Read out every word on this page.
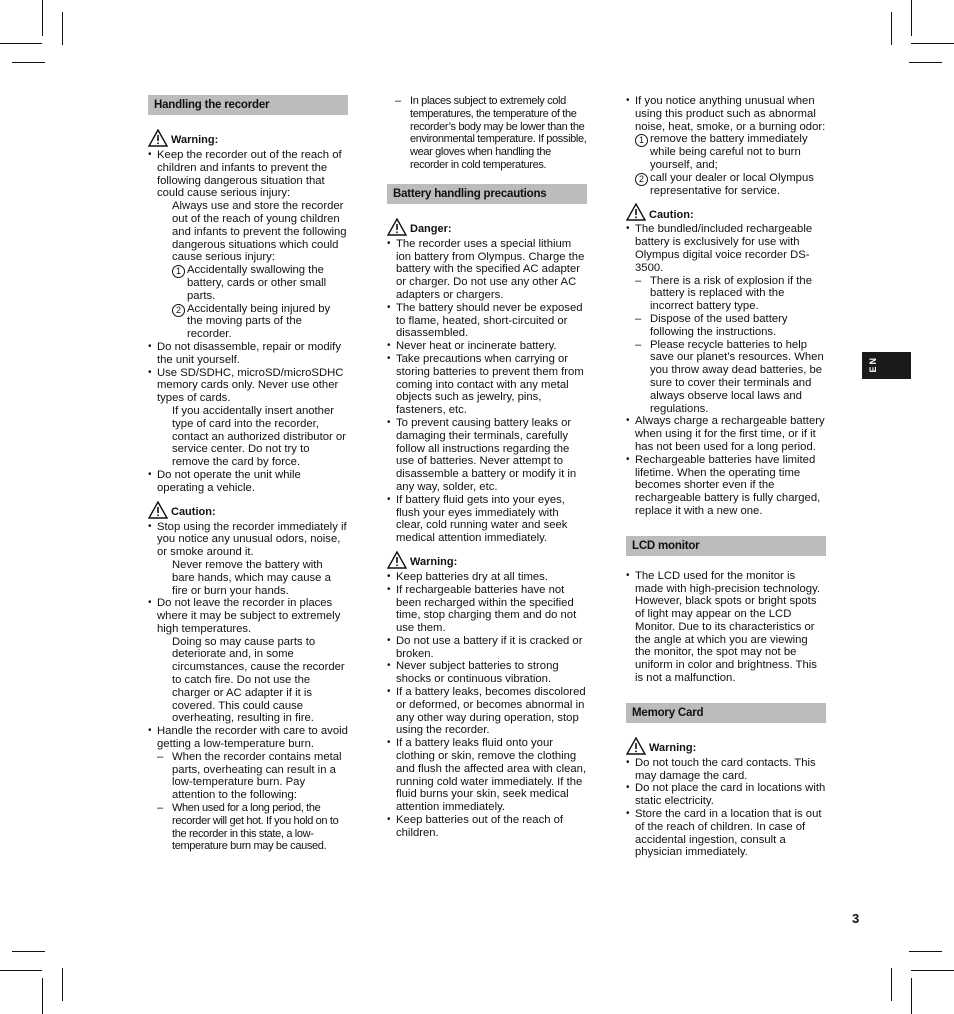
Handling the recorder
Warning:
• Keep the recorder out of the reach of children and infants to prevent the following dangerous situation that could cause serious injury:
Always use and store the recorder out of the reach of young children and infants to prevent the following dangerous situations which could cause serious injury:
1 Accidentally swallowing the battery, cards or other small parts.
2 Accidentally being injured by the moving parts of the recorder.
• Do not disassemble, repair or modify the unit yourself.
• Use SD/SDHC, microSD/microSDHC memory cards only. Never use other types of cards.
If you accidentally insert another type of card into the recorder, contact an authorized distributor or service center. Do not try to remove the card by force.
• Do not operate the unit while operating a vehicle.
Caution:
• Stop using the recorder immediately if you notice any unusual odors, noise, or smoke around it.
Never remove the battery with bare hands, which may cause a fire or burn your hands.
• Do not leave the recorder in places where it may be subject to extremely high temperatures.
Doing so may cause parts to deteriorate and, in some circumstances, cause the recorder to catch fire. Do not use the charger or AC adapter if it is covered. This could cause overheating, resulting in fire.
• Handle the recorder with care to avoid getting a low-temperature burn.
– When the recorder contains metal parts, overheating can result in a low-temperature burn. Pay attention to the following:
– When used for a long period, the recorder will get hot. If you hold on to the recorder in this state, a low-temperature burn may be caused.
– In places subject to extremely cold temperatures, the temperature of the recorder’s body may be lower than the environmental temperature. If possible, wear gloves when handling the recorder in cold temperatures.
Battery handling precautions
Danger:
• The recorder uses a special lithium ion battery from Olympus. Charge the battery with the specified AC adapter or charger. Do not use any other AC adapters or chargers.
• The battery should never be exposed to flame, heated, short-circuited or disassembled.
• Never heat or incinerate battery.
• Take precautions when carrying or storing batteries to prevent them from coming into contact with any metal objects such as jewelry, pins, fasteners, etc.
• To prevent causing battery leaks or damaging their terminals, carefully follow all instructions regarding the use of batteries. Never attempt to disassemble a battery or modify it in any way, solder, etc.
• If battery fluid gets into your eyes, flush your eyes immediately with clear, cold running water and seek medical attention immediately.
Warning:
• Keep batteries dry at all times.
• If rechargeable batteries have not been recharged within the specified time, stop charging them and do not use them.
• Do not use a battery if it is cracked or broken.
• Never subject batteries to strong shocks or continuous vibration.
• If a battery leaks, becomes discolored or deformed, or becomes abnormal in any other way during operation, stop using the recorder.
• If a battery leaks fluid onto your clothing or skin, remove the clothing and flush the affected area with clean, running cold water immediately. If the fluid burns your skin, seek medical attention immediately.
• Keep batteries out of the reach of children.
• If you notice anything unusual when using this product such as abnormal noise, heat, smoke, or a burning odor:
1 remove the battery immediately while being careful not to burn yourself, and;
2 call your dealer or local Olympus representative for service.
Caution:
• The bundled/included rechargeable battery is exclusively for use with Olympus digital voice recorder DS-3500.
– There is a risk of explosion if the battery is replaced with the incorrect battery type.
– Dispose of the used battery following the instructions.
– Please recycle batteries to help save our planet’s resources. When you throw away dead batteries, be sure to cover their terminals and always observe local laws and regulations.
• Always charge a rechargeable battery when using it for the first time, or if it has not been used for a long period.
• Rechargeable batteries have limited lifetime. When the operating time becomes shorter even if the rechargeable battery is fully charged, replace it with a new one.
LCD monitor
• The LCD used for the monitor is made with high-precision technology. However, black spots or bright spots of light may appear on the LCD Monitor. Due to its characteristics or the angle at which you are viewing the monitor, the spot may not be uniform in color and brightness. This is not a malfunction.
Memory Card
Warning:
• Do not touch the card contacts. This may damage the card.
• Do not place the card in locations with static electricity.
• Store the card in a location that is out of the reach of children. In case of accidental ingestion, consult a physician immediately.
EN
3
